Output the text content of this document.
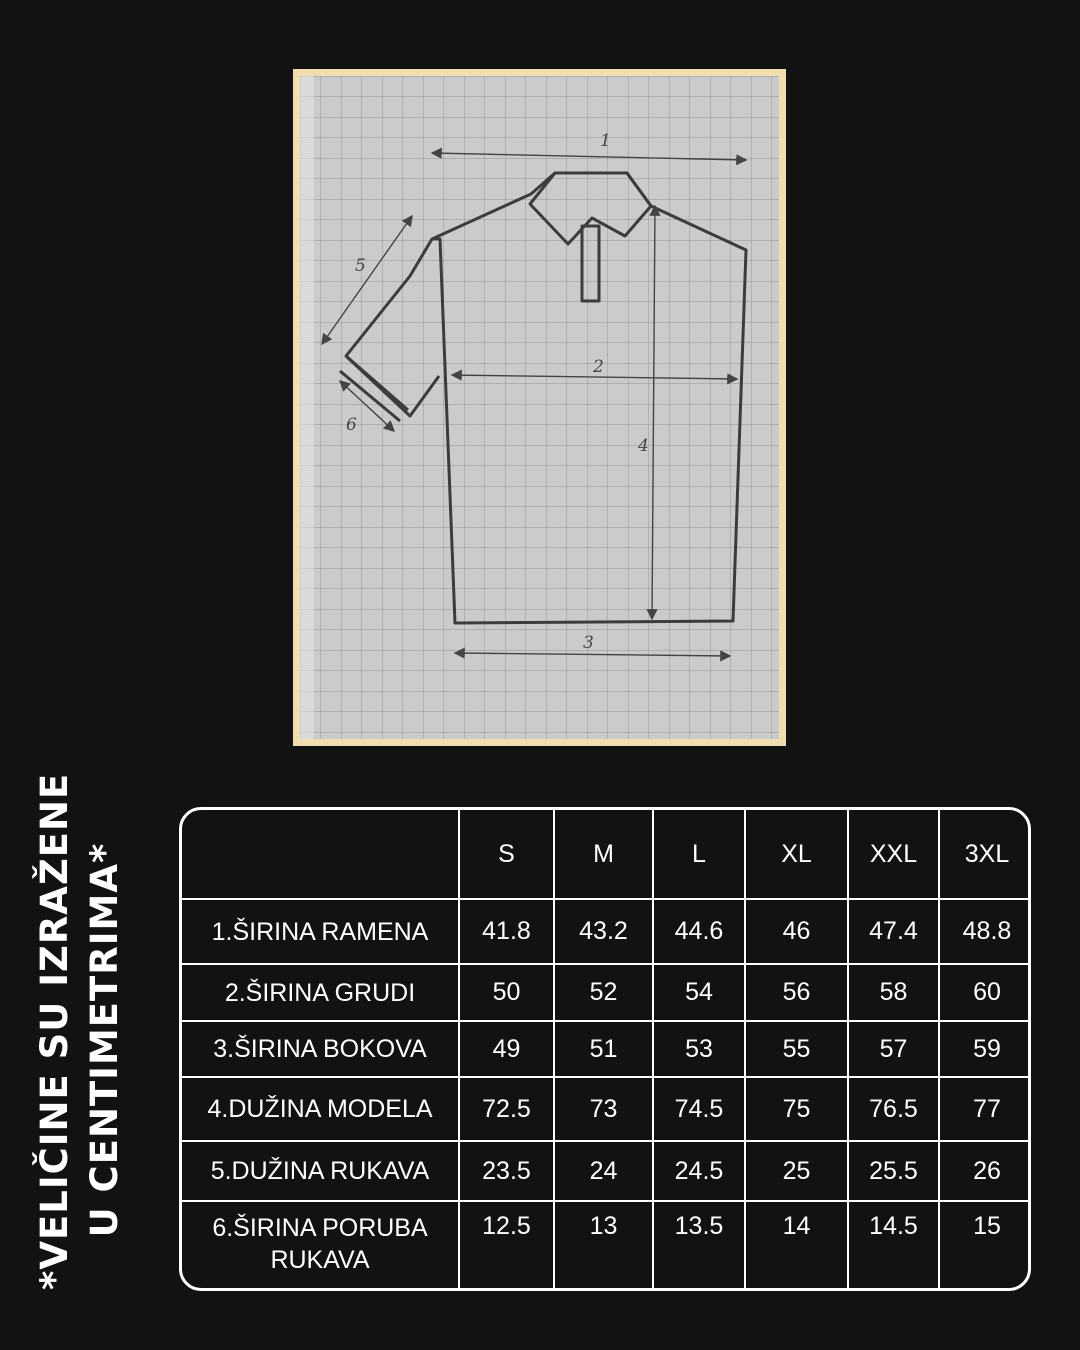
1
2
3
4
5
6
*VELIČINE SU IZRAŽENE U CENTIMETRIMA*
		S	M	L	XL	XXL	3XL
1.ŠIRINA RAMENA	41.8	43.2	44.6	46	47.4	48.8
2.ŠIRINA GRUDI	50	52	54	56	58	60
3.ŠIRINA BOKOVA	49	51	53	55	57	59
4.DUŽINA MODELA	72.5	73	74.5	75	76.5	77
5.DUŽINA RUKAVA	23.5	24	24.5	25	25.5	26
6.ŠIRINA PORUBA RUKAVA	12.5	13	13.5	14	14.5	15
